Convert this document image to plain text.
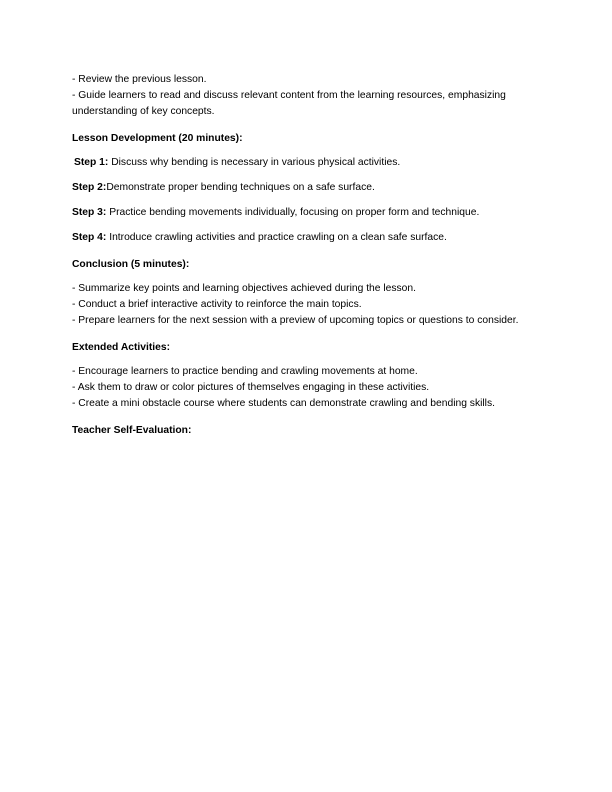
- Review the previous lesson.
- Guide learners to read and discuss relevant content from the learning resources, emphasizing understanding of key concepts.
Lesson Development (20 minutes):
Step 1: Discuss why bending is necessary in various physical activities.
Step 2:Demonstrate proper bending techniques on a safe surface.
Step 3: Practice bending movements individually, focusing on proper form and technique.
Step 4: Introduce crawling activities and practice crawling on a clean safe surface.
Conclusion (5 minutes):
- Summarize key points and learning objectives achieved during the lesson.
- Conduct a brief interactive activity to reinforce the main topics.
- Prepare learners for the next session with a preview of upcoming topics or questions to consider.
Extended Activities:
- Encourage learners to practice bending and crawling movements at home.
- Ask them to draw or color pictures of themselves engaging in these activities.
- Create a mini obstacle course where students can demonstrate crawling and bending skills.
Teacher Self-Evaluation:
